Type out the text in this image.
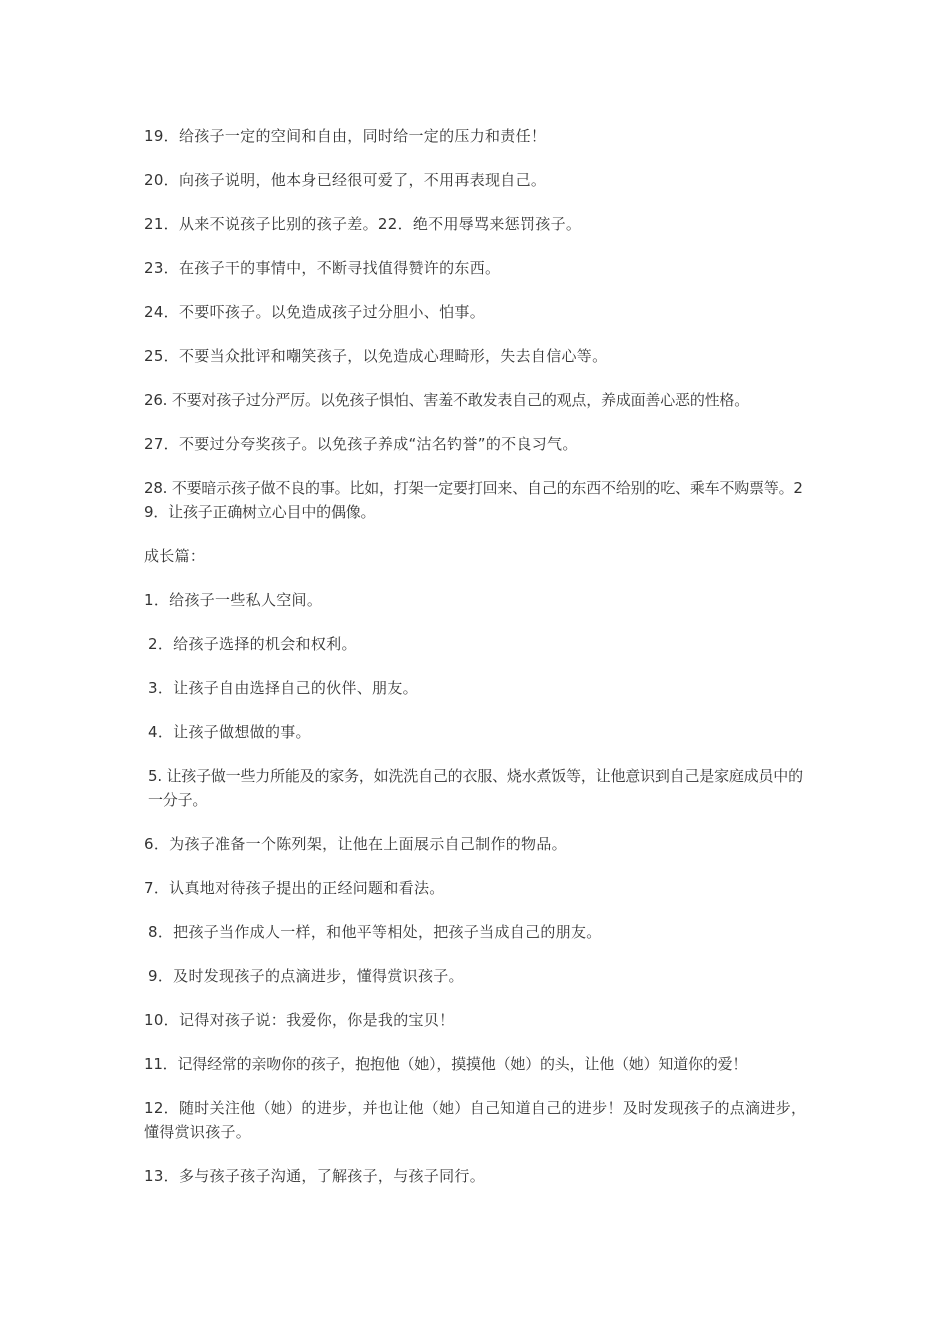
19．给孩子一定的空间和自由，同时给一定的压力和责任！

20．向孩子说明，他本身已经很可爱了，不用再表现自己。

21．从来不说孩子比别的孩子差。22．绝不用辱骂来惩罚孩子。

23．在孩子干的事情中，不断寻找值得赞许的东西。

24．不要吓孩子。以免造成孩子过分胆小、怕事。

25．不要当众批评和嘲笑孩子，以免造成心理畸形，失去自信心等。

26. 不要对孩子过分严厉。以免孩子惧怕、害羞不敢发表自己的观点，养成面善心恶的性格。

27．不要过分夸奖孩子。以免孩子养成“沽名钓誉”的不良习气。

28. 不要暗示孩子做不良的事。比如，打架一定要打回来、自己的东西不给别的吃、乘车不购票等。29．让孩子正确树立心目中的偶像。

成长篇：

1．给孩子一些私人空间。

2．给孩子选择的机会和权利。

3．让孩子自由选择自己的伙伴、朋友。

4．让孩子做想做的事。

5. 让孩子做一些力所能及的家务，如洗洗自己的衣服、烧水煮饭等，让他意识到自己是家庭成员中的一分子。

6．为孩子准备一个陈列架，让他在上面展示自己制作的物品。

7．认真地对待孩子提出的正经问题和看法。

8．把孩子当作成人一样，和他平等相处，把孩子当成自己的朋友。

9．及时发现孩子的点滴进步，懂得赏识孩子。

10．记得对孩子说：我爱你，你是我的宝贝！

11．记得经常的亲吻你的孩子，抱抱他（她），摸摸他（她）的头，让他（她）知道你的爱！

12．随时关注他（她）的进步，并也让他（她）自己知道自己的进步！及时发现孩子的点滴进步，懂得赏识孩子。

13．多与孩子孩子沟通，了解孩子，与孩子同行。
